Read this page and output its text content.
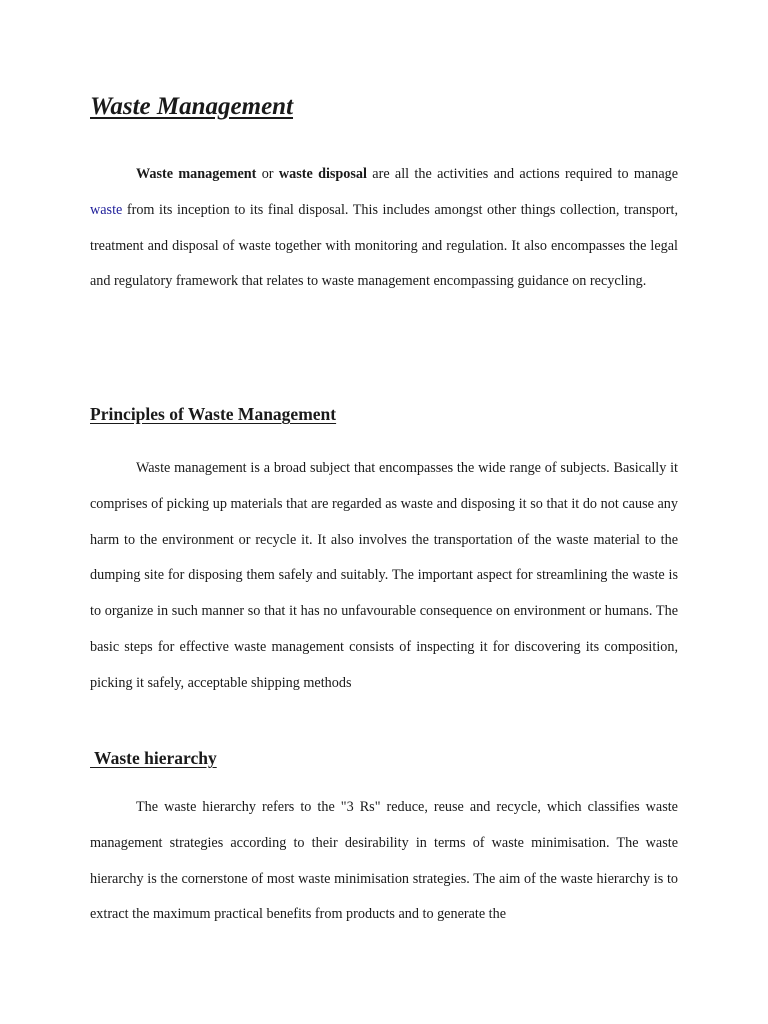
Waste Management

Waste management or waste disposal are all the activities and actions required to manage waste from its inception to its final disposal. This includes amongst other things collection, transport, treatment and disposal of waste together with monitoring and regulation. It also encompasses the legal and regulatory framework that relates to waste management encompassing guidance on recycling.

Principles of Waste Management

Waste management is a broad subject that encompasses the wide range of subjects. Basically it comprises of picking up materials that are regarded as waste and disposing it so that it do not cause any harm to the environment or recycle it. It also involves the transportation of the waste material to the dumping site for disposing them safely and suitably. The important aspect for streamlining the waste is to organize in such manner so that it has no unfavourable consequence on environment or humans. The basic steps for effective waste management consists of inspecting it for discovering its composition, picking it safely, acceptable shipping methods

Waste hierarchy

The waste hierarchy refers to the "3 Rs" reduce, reuse and recycle, which classifies waste management strategies according to their desirability in terms of waste minimisation. The waste hierarchy is the cornerstone of most waste minimisation strategies. The aim of the waste hierarchy is to extract the maximum practical benefits from products and to generate the
